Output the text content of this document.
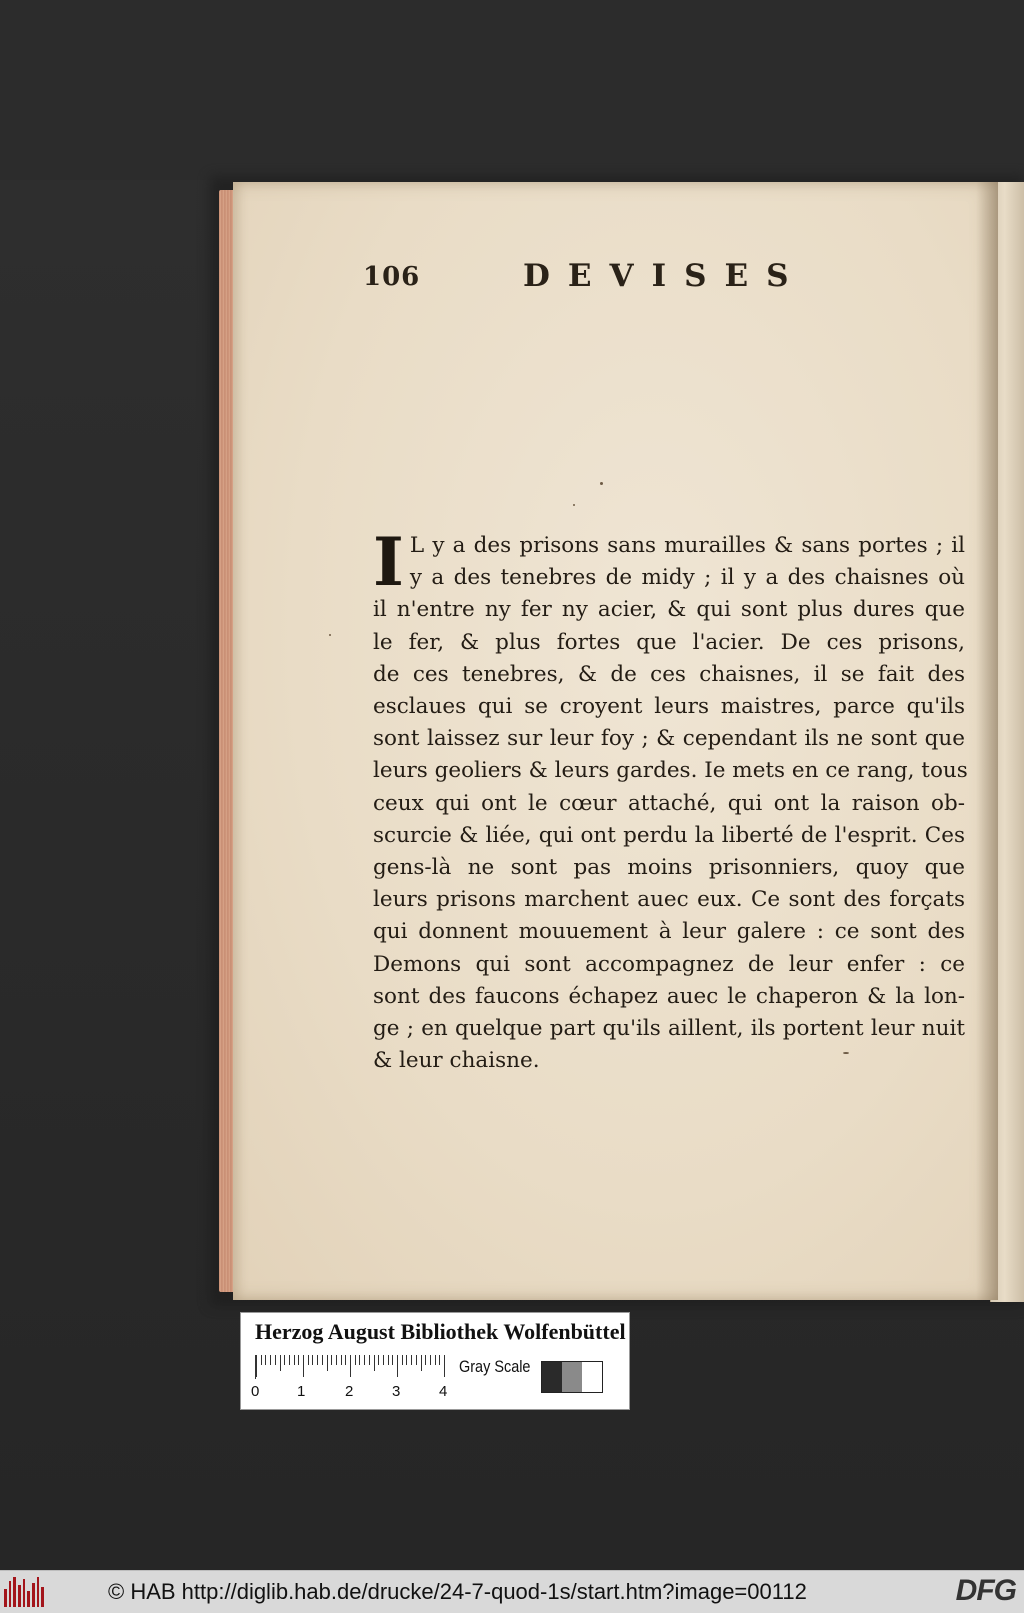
106	DEVISES
I L y a des prisons sans murailles & sans portes ; il
y a des tenebres de midy ; il y a des chaisnes où
il n'entre ny fer ny acier, & qui sont plus dures que
le fer, & plus fortes que l'acier. De ces prisons,
de ces tenebres, & de ces chaisnes, il se fait des
esclaues qui se croyent leurs maistres, parce qu'ils
sont laissez sur leur foy ; & cependant ils ne sont que
leurs geoliers & leurs gardes. Ie mets en ce rang, tous
ceux qui ont le cœur attaché, qui ont la raison ob-
scurcie & liée, qui ont perdu la liberté de l'esprit. Ces
gens-là ne sont pas moins prisonniers, quoy que
leurs prisons marchent auec eux. Ce sont des forçats
qui donnent mouuement à leur galere : ce sont des
Demons qui sont accompagnez de leur enfer : ce
sont des faucons échapez auec le chaperon & la lon-
ge ; en quelque part qu'ils aillent, ils portent leur nuit
& leur chaisne.
Herzog August Bibliothek Wolfenbüttel
0	1	2	3	4
Gray Scale
© HAB http://diglib.hab.de/drucke/24-7-quod-1s/start.htm?image=00112	DFG
